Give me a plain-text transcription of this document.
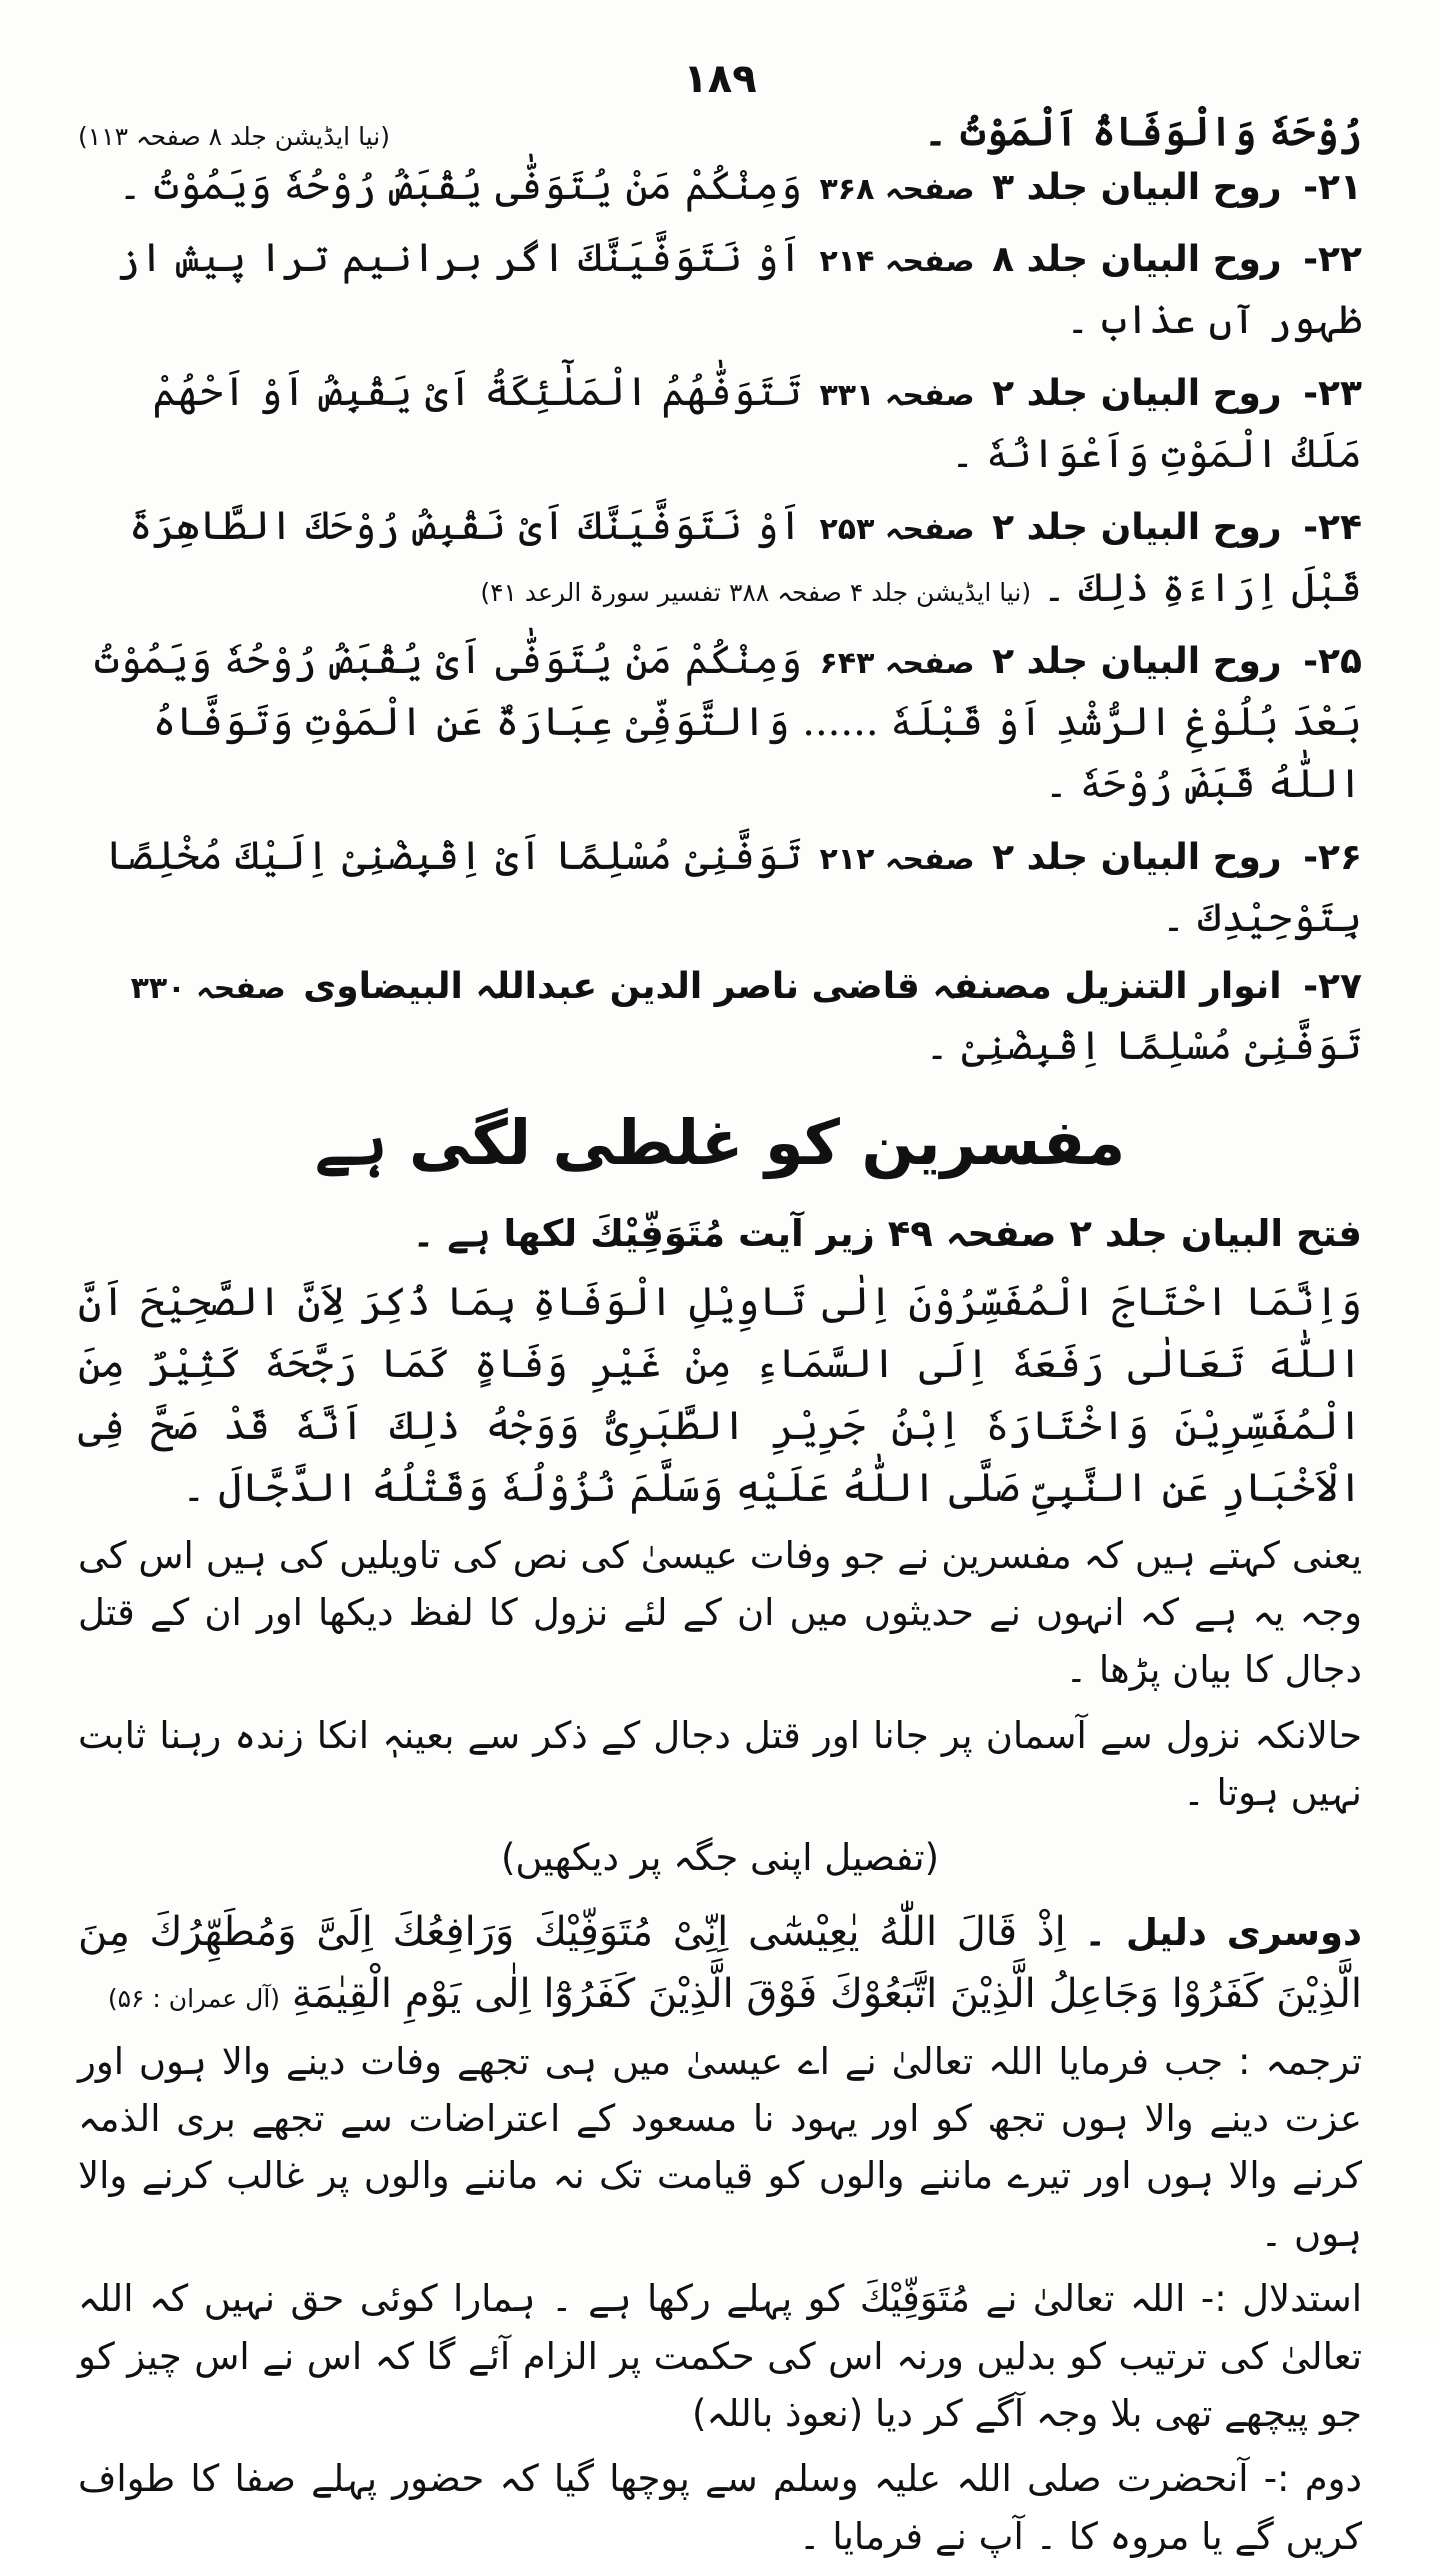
۱۸۹
رُوْحَهٗ وَالْوَفَاةُ اَلْمَوْتُ ۔
(نیا ایڈیشن جلد ۸ صفحہ ۱۱۳)
۲۱- روح البیان جلد ۳ صفحہ ۳۶۸ وَمِنْكُمْ مَنْ يُتَوَفّٰى يُقْبَضُ رُوْحُهٗ وَيَمُوْتُ ۔
۲۲- روح البیان جلد ۸ صفحہ ۲۱۴ اَوْ نَتَوَفَّيَنَّكَ اگر برانیم ترا پیش از ظہور آں عذاب ۔
۲۳- روح البیان جلد ۲ صفحہ ۳۳۱ تَتَوَفّٰهُمُ الْمَلٰٓئِكَةُ اَىْ يَقْبِضُ اَوْ اَحْهُمْ مَلَكُ الْمَوْتِ وَاَعْوَانُهٗ ۔
۲۴- روح البیان جلد ۲ صفحہ ۲۵۳ اَوْ نَتَوَفَّيَنَّكَ اَىْ نَقْبِضُ رُوْحَكَ الطَّاهِرَةَ قَبْلَ اِرَاءَةِ ذٰلِكَ ۔ (نیا ایڈیشن جلد ۴ صفحہ ۳۸۸ تفسیر سورۃ الرعد ۴۱)
۲۵- روح البیان جلد ۲ صفحہ ۶۴۳ وَمِنْكُمْ مَنْ يُتَوَفّٰى اَىْ يُقْبَضُ رُوْحُهٗ وَيَمُوْتُ بَعْدَ بُلُوْغِ الرُّشْدِ اَوْ قَبْلَهٗ ...... وَالتَّوَفِّىْ عِبَارَةٌ عَنِ الْمَوْتِ وَتَوَفَّاهُ اللّٰهُ قَبَضَ رُوْحَهٗ ۔
۲۶- روح البیان جلد ۲ صفحہ ۲۱۲ تَوَفَّنِىْ مُسْلِمًا اَىْ اِقْبِضْنِىْ اِلَيْكَ مُخْلِصًا بِتَوْحِيْدِكَ ۔
۲۷- انوار التنزیل مصنفہ قاضی ناصر الدین عبداللہ البیضاوی صفحہ ۳۳۰ تَوَفَّنِىْ مُسْلِمًا اِقْبِضْنِىْ ۔
مفسرین کو غلطی لگی ہے

فتح البیان جلد ۲ صفحہ ۴۹ زیر آیت مُتَوَفِّيْكَ لکھا ہے ۔

وَاِنَّمَا احْتَاجَ الْمُفَسِّرُوْنَ اِلٰى تَاوِيْلِ الْوَفَاةِ بِمَا ذُكِرَ لِاَنَّ الصَّحِيْحَ اَنَّ اللّٰهَ تَعَالٰى رَفَعَهٗ اِلَى السَّمَاءِ مِنْ غَيْرِ وَفَاةٍ كَمَا رَجَّحَهٗ كَثِيْرٌ مِنَ الْمُفَسِّرِيْنَ وَاخْتَارَهٗ اِبْنُ جَرِيْرِ الطَّبَرِىُّ وَوَجْهُ ذٰلِكَ اَنَّهٗ قَدْ صَحَّ فِى الْاَخْبَارِ عَنِ النَّبِىِّ صَلَّى اللّٰهُ عَلَيْهِ وَسَلَّمَ نُزُوْلُهٗ وَقَتْلُهُ الدَّجَّالَ ۔

یعنی کہتے ہیں کہ مفسرین نے جو وفات عیسیٰ کی نص کی تاویلیں کی ہیں اس کی وجہ یہ ہے کہ انہوں نے حدیثوں میں ان کے لئے نزول کا لفظ دیکھا اور ان کے قتل دجال کا بیان پڑھا ۔

حالانکہ نزول سے آسمان پر جانا اور قتل دجال کے ذکر سے بعینہٖ انکا زندہ رہنا ثابت نہیں ہوتا ۔

(تفصیل اپنی جگہ پر دیکھیں)

دوسری دلیل ۔ اِذْ قَالَ اللّٰهُ يٰعِيْسٰٓى اِنِّىْ مُتَوَفِّيْكَ وَرَافِعُكَ اِلَىَّ وَمُطَهِّرُكَ مِنَ الَّذِيْنَ كَفَرُوْا وَجَاعِلُ الَّذِيْنَ اتَّبَعُوْكَ فَوْقَ الَّذِيْنَ كَفَرُوْٓا اِلٰى يَوْمِ الْقِيٰمَةِ (آل عمران : ۵۶)

ترجمہ : جب فرمایا اللہ تعالیٰ نے اے عیسیٰ میں ہی تجھے وفات دینے والا ہوں اور عزت دینے والا ہوں تجھ کو اور یہود نا مسعود کے اعتراضات سے تجھے بری الذمہ کرنے والا ہوں اور تیرے ماننے والوں کو قیامت تک نہ ماننے والوں پر غالب کرنے والا ہوں ۔

استدلال :- اللہ تعالیٰ نے مُتَوَفِّيْكَ کو پہلے رکھا ہے ۔ ہمارا کوئی حق نہیں کہ اللہ تعالیٰ کی ترتیب کو بدلیں ورنہ اس کی حکمت پر الزام آئے گا کہ اس نے اس چیز کو جو پیچھے تھی بلا وجہ آگے کر دیا (نعوذ باللہ)

دوم :- آنحضرت صلی اللہ علیہ وسلم سے پوچھا گیا کہ حضور پہلے صفا کا طواف کریں گے یا مروہ کا ۔ آپ نے فرمایا ۔
